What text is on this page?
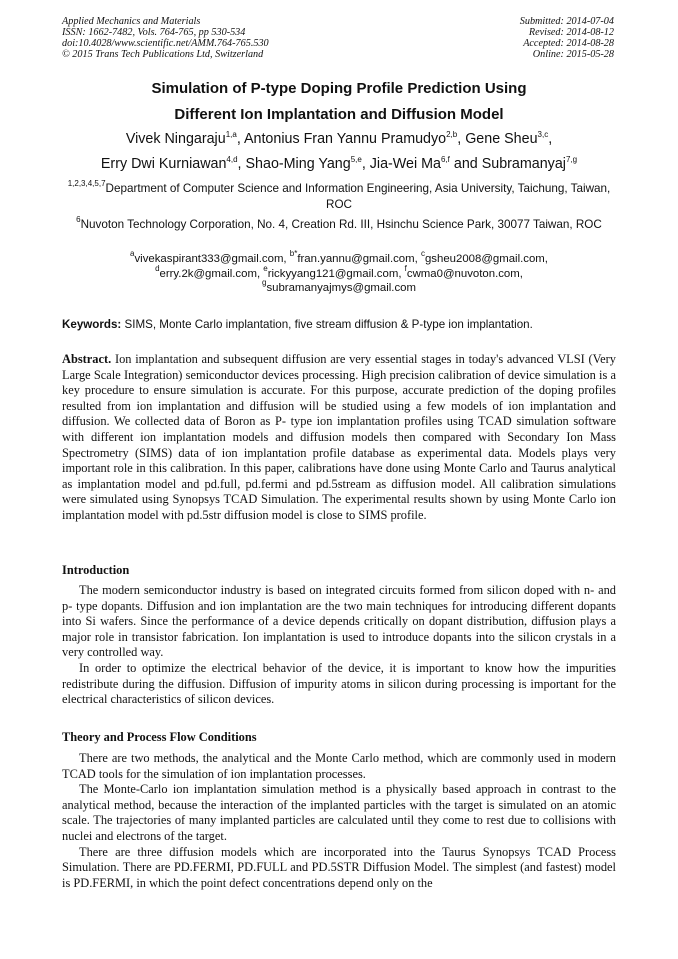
Applied Mechanics and Materials
ISSN: 1662-7482, Vols. 764-765, pp 530-534
doi:10.4028/www.scientific.net/AMM.764-765.530
© 2015 Trans Tech Publications Ltd, Switzerland
Submitted: 2014-07-04
Revised: 2014-08-12
Accepted: 2014-08-28
Online: 2015-05-28
Simulation of P-type Doping Profile Prediction Using
Different Ion Implantation and Diffusion Model
Vivek Ningaraju$^{1,a}$, Antonius Fran Yannu Pramudyo$^{2,b}$, Gene Sheu$^{3,c}$,
Erry Dwi Kurniawan$^{4,d}$, Shao-Ming Yang$^{5,e}$, Jia-Wei Ma$^{6,f}$ and Subramanyaj$^{7,g}$
$^{1,2,3,4,5,7}$Department of Computer Science and Information Engineering, Asia University, Taichung, Taiwan, ROC
$^6$Nuvoton Technology Corporation, No. 4, Creation Rd. III, Hsinchu Science Park, 30077 Taiwan, ROC
$^a$vivekaspirant333@gmail.com, $^{b*}$fran.yannu@gmail.com, $^c$gsheu2008@gmail.com,
$^d$erry.2k@gmail.com, $^e$rickyyang121@gmail.com, $^f$cwma0@nuvoton.com,
$^g$subramanyajmys@gmail.com
Keywords: SIMS, Monte Carlo implantation, five stream diffusion & P-type ion implantation.
Abstract. Ion implantation and subsequent diffusion are very essential stages in today's advanced VLSI (Very Large Scale Integration) semiconductor devices processing. High precision calibration of device simulation is a key procedure to ensure simulation is accurate. For this purpose, accurate prediction of the doping profiles resulted from ion implantation and diffusion will be studied using a few models of ion implantation and diffusion. We collected data of Boron as P- type ion implantation profiles using TCAD simulation software with different ion implantation models and diffusion models then compared with Secondary Ion Mass Spectrometry (SIMS) data of ion implantation profile database as experimental data. Models plays very important role in this calibration. In this paper, calibrations have done using Monte Carlo and Taurus analytical as implantation model and pd.full, pd.fermi and pd.5stream as diffusion model. All calibration simulations were simulated using Synopsys TCAD Simulation. The experimental results shown by using Monte Carlo ion implantation model with pd.5str diffusion model is close to SIMS profile.
Introduction

The modern semiconductor industry is based on integrated circuits formed from silicon doped with n- and p- type dopants. Diffusion and ion implantation are the two main techniques for introducing different dopants into Si wafers. Since the performance of a device depends critically on dopant distribution, diffusion plays a major role in transistor fabrication. Ion implantation is used to introduce dopants into the silicon crystals in a very controlled way.

In order to optimize the electrical behavior of the device, it is important to know how the impurities redistribute during the diffusion. Diffusion of impurity atoms in silicon during processing is important for the electrical characteristics of silicon devices.

Theory and Process Flow Conditions

There are two methods, the analytical and the Monte Carlo method, which are commonly used in modern TCAD tools for the simulation of ion implantation processes.

The Monte-Carlo ion implantation simulation method is a physically based approach in contrast to the analytical method, because the interaction of the implanted particles with the target is simulated on an atomic scale. The trajectories of many implanted particles are calculated until they come to rest due to collisions with nuclei and electrons of the target.

There are three diffusion models which are incorporated into the Taurus Synopsys TCAD Process Simulation. There are PD.FERMI, PD.FULL and PD.5STR Diffusion Model. The simplest (and fastest) model is PD.FERMI, in which the point defect concentrations depend only on the
